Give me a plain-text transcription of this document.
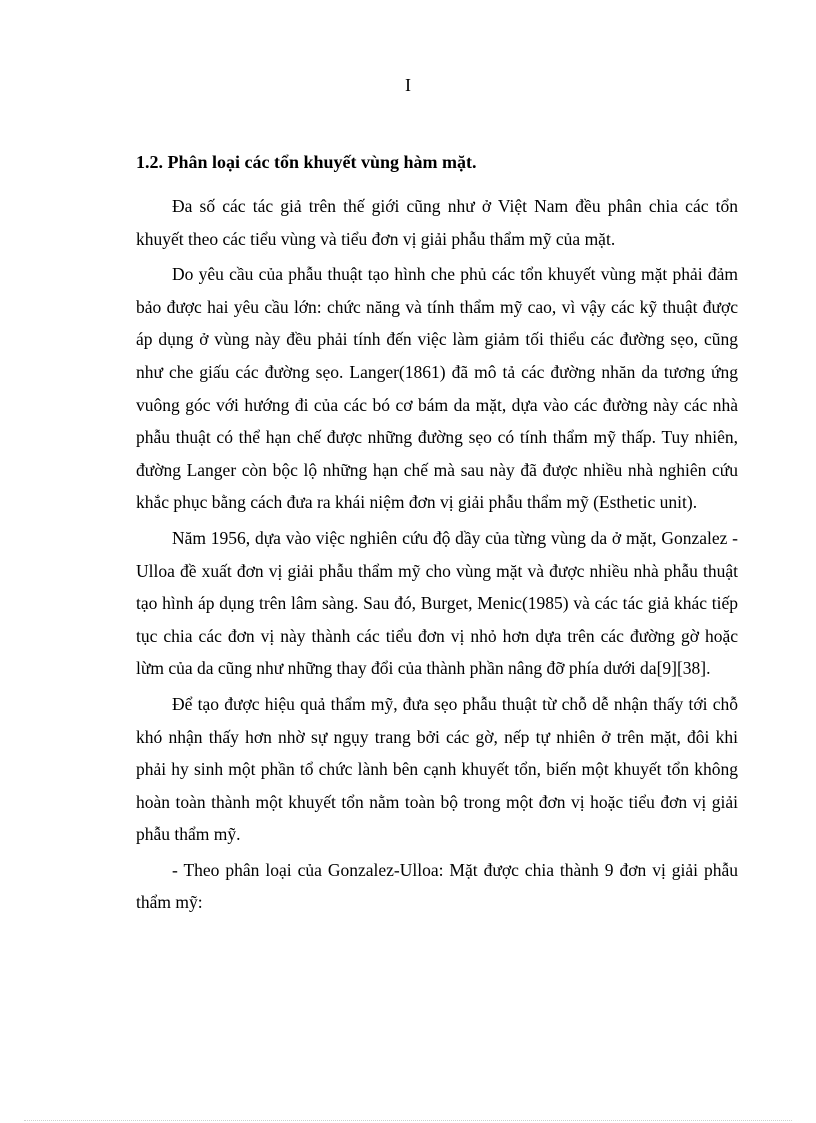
I
1.2. Phân loại các tổn khuyết vùng hàm mặt.

Đa số các tác giả trên thế giới cũng như ở Việt Nam đều phân chia các tổn khuyết theo các tiểu vùng và tiểu đơn vị giải phẫu thẩm mỹ của mặt.

Do yêu cầu của phẫu thuật tạo hình che phủ các tổn khuyết vùng mặt phải đảm bảo được hai yêu cầu lớn: chức năng và tính thẩm mỹ cao, vì vậy các kỹ thuật được áp dụng ở vùng này đều phải tính đến việc làm giảm tối thiểu các đường sẹo, cũng như che giấu các đường sẹo. Langer(1861) đã mô tả các đường nhăn da tương ứng vuông góc với hướng đi của các bó cơ bám da mặt, dựa vào các đường này các nhà phẫu thuật có thể hạn chế được những đường sẹo có tính thẩm mỹ thấp. Tuy nhiên, đường Langer còn bộc lộ những hạn chế mà sau này đã được nhiều nhà nghiên cứu khắc phục bằng cách đưa ra khái niệm đơn vị giải phẫu thẩm mỹ (Esthetic unit).

Năm 1956, dựa vào việc nghiên cứu độ dầy của từng vùng da ở mặt, Gonzalez - Ulloa đề xuất đơn vị giải phẫu thẩm mỹ cho vùng mặt và được nhiều nhà phẫu thuật tạo hình áp dụng trên lâm sàng. Sau đó, Burget, Menic(1985) và các tác giả khác tiếp tục chia các đơn vị này thành các tiểu đơn vị nhỏ hơn dựa trên các đường gờ hoặc lừm của da cũng như những thay đổi của thành phần nâng đỡ phía dưới da[9][38].

Để tạo được hiệu quả thẩm mỹ, đưa sẹo phẫu thuật từ chỗ dễ nhận thấy tới chỗ khó nhận thấy hơn nhờ sự ngụy trang bởi các gờ, nếp tự nhiên ở trên mặt, đôi khi phải hy sinh một phần tổ chức lành bên cạnh khuyết tổn, biến một khuyết tổn không hoàn toàn thành một khuyết tổn nằm toàn bộ trong một đơn vị hoặc tiểu đơn vị giải phẫu thẩm mỹ.

- Theo phân loại của Gonzalez-Ulloa: Mặt được chia thành 9 đơn vị giải phẫu thẩm mỹ:
